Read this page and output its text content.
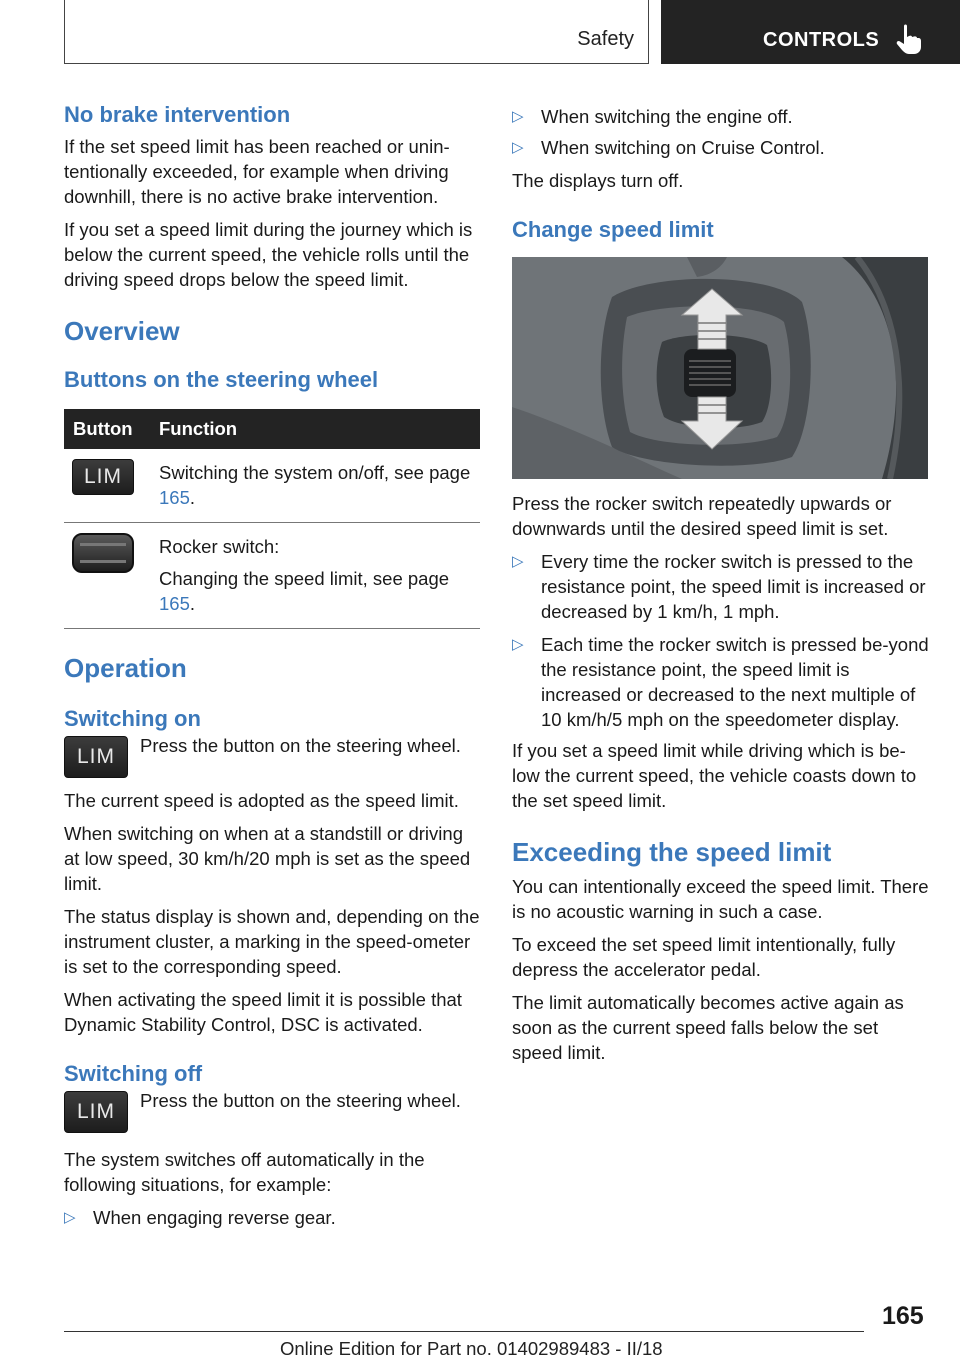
Safety	CONTROLS
No brake intervention

If the set speed limit has been reached or unin-tentionally exceeded, for example when driving downhill, there is no active brake intervention.

If you set a speed limit during the journey which is below the current speed, the vehicle rolls until the driving speed drops below the speed limit.

Overview
Buttons on the steering wheel
Button	Function
LIM	Switching the system on/off, see page 165.

	Rocker switch:
Changing the speed limit, see page 165.
Operation
Switching on
LIM	Press the button on the steering wheel.

The current speed is adopted as the speed limit.

When switching on when at a standstill or driving at low speed, 30 km/h/20 mph is set as the speed limit.

The status display is shown and, depending on the instrument cluster, a marking in the speed-ometer is set to the corresponding speed.

When activating the speed limit it is possible that Dynamic Stability Control, DSC is activated.

Switching off
LIM	Press the button on the steering wheel.

The system switches off automatically in the following situations, for example:

▷ When engaging reverse gear.
▷ When switching the engine off.
▷ When switching on Cruise Control.

The displays turn off.

Change speed limit

Press the rocker switch repeatedly upwards or downwards until the desired speed limit is set.

▷ Every time the rocker switch is pressed to the resistance point, the speed limit is increased or decreased by 1 km/h, 1 mph.
▷ Each time the rocker switch is pressed be-yond the resistance point, the speed limit is increased or decreased to the next multiple of 10 km/h/5 mph on the speedometer display.

If you set a speed limit while driving which is be-low the current speed, the vehicle coasts down to the set speed limit.

Exceeding the speed limit

You can intentionally exceed the speed limit. There is no acoustic warning in such a case.

To exceed the set speed limit intentionally, fully depress the accelerator pedal.

The limit automatically becomes active again as soon as the current speed falls below the set speed limit.

165
Online Edition for Part no. 01402989483 - II/18
